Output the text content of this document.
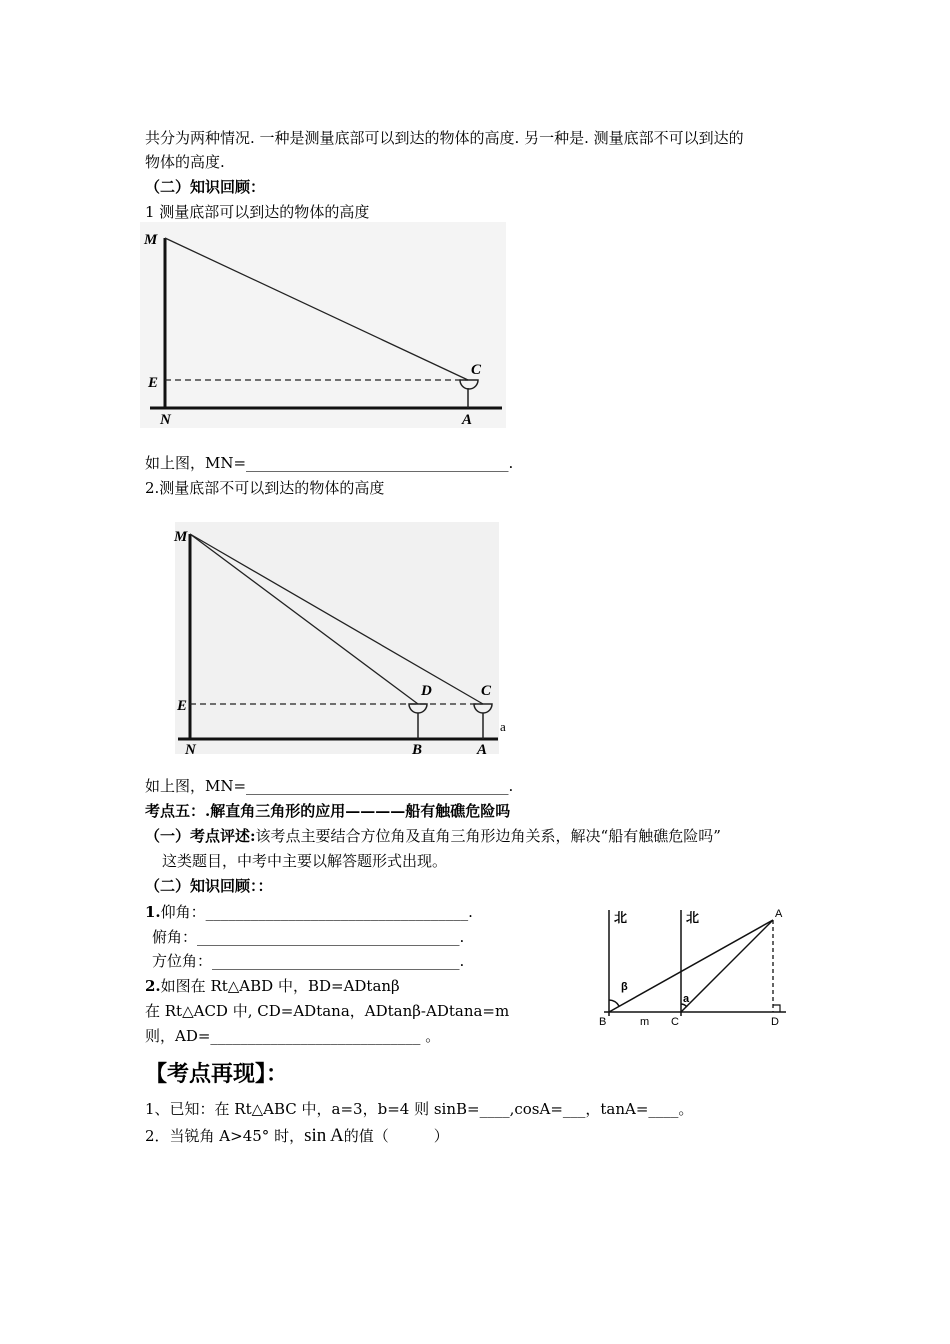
共分为两种情况. 一种是测量底部可以到达的物体的高度. 另一种是. 测量底部不可以到达的
物体的高度.
（二）知识回顾：
1 测量底部可以到达的物体的高度
M
E
N
C
A
如上图，MN=___________________________________.
2.测量底部不可以到达的物体的高度
M
E
N
D	C
B	A
a
如上图，MN=___________________________________.
考点五：.解直角三角形的应用————船有触礁危险吗
（一）考点评述:该考点主要结合方位角及直角三角形边角关系，解决“船有触礁危险吗”
这类题目，中考中主要以解答题形式出现。
（二）知识回顾：：
1.仰角：___________________________________.
俯角：___________________________________.
方位角：_________________________________.
2.如图在 Rt△ABD 中，BD=ADtanβ
在 Rt△ACD 中, CD=ADtana，ADtanβ-ADtana=m
则，AD=____________________________ 。
北	北	A
B	C	D
m
β
a
【考点再现】：
1、已知：在 Rt△ABC 中，a=3，b=4 则 sinB=____,cosA=___，tanA=____。
2．当锐角 A>45° 时，sin A的值（　　　）
